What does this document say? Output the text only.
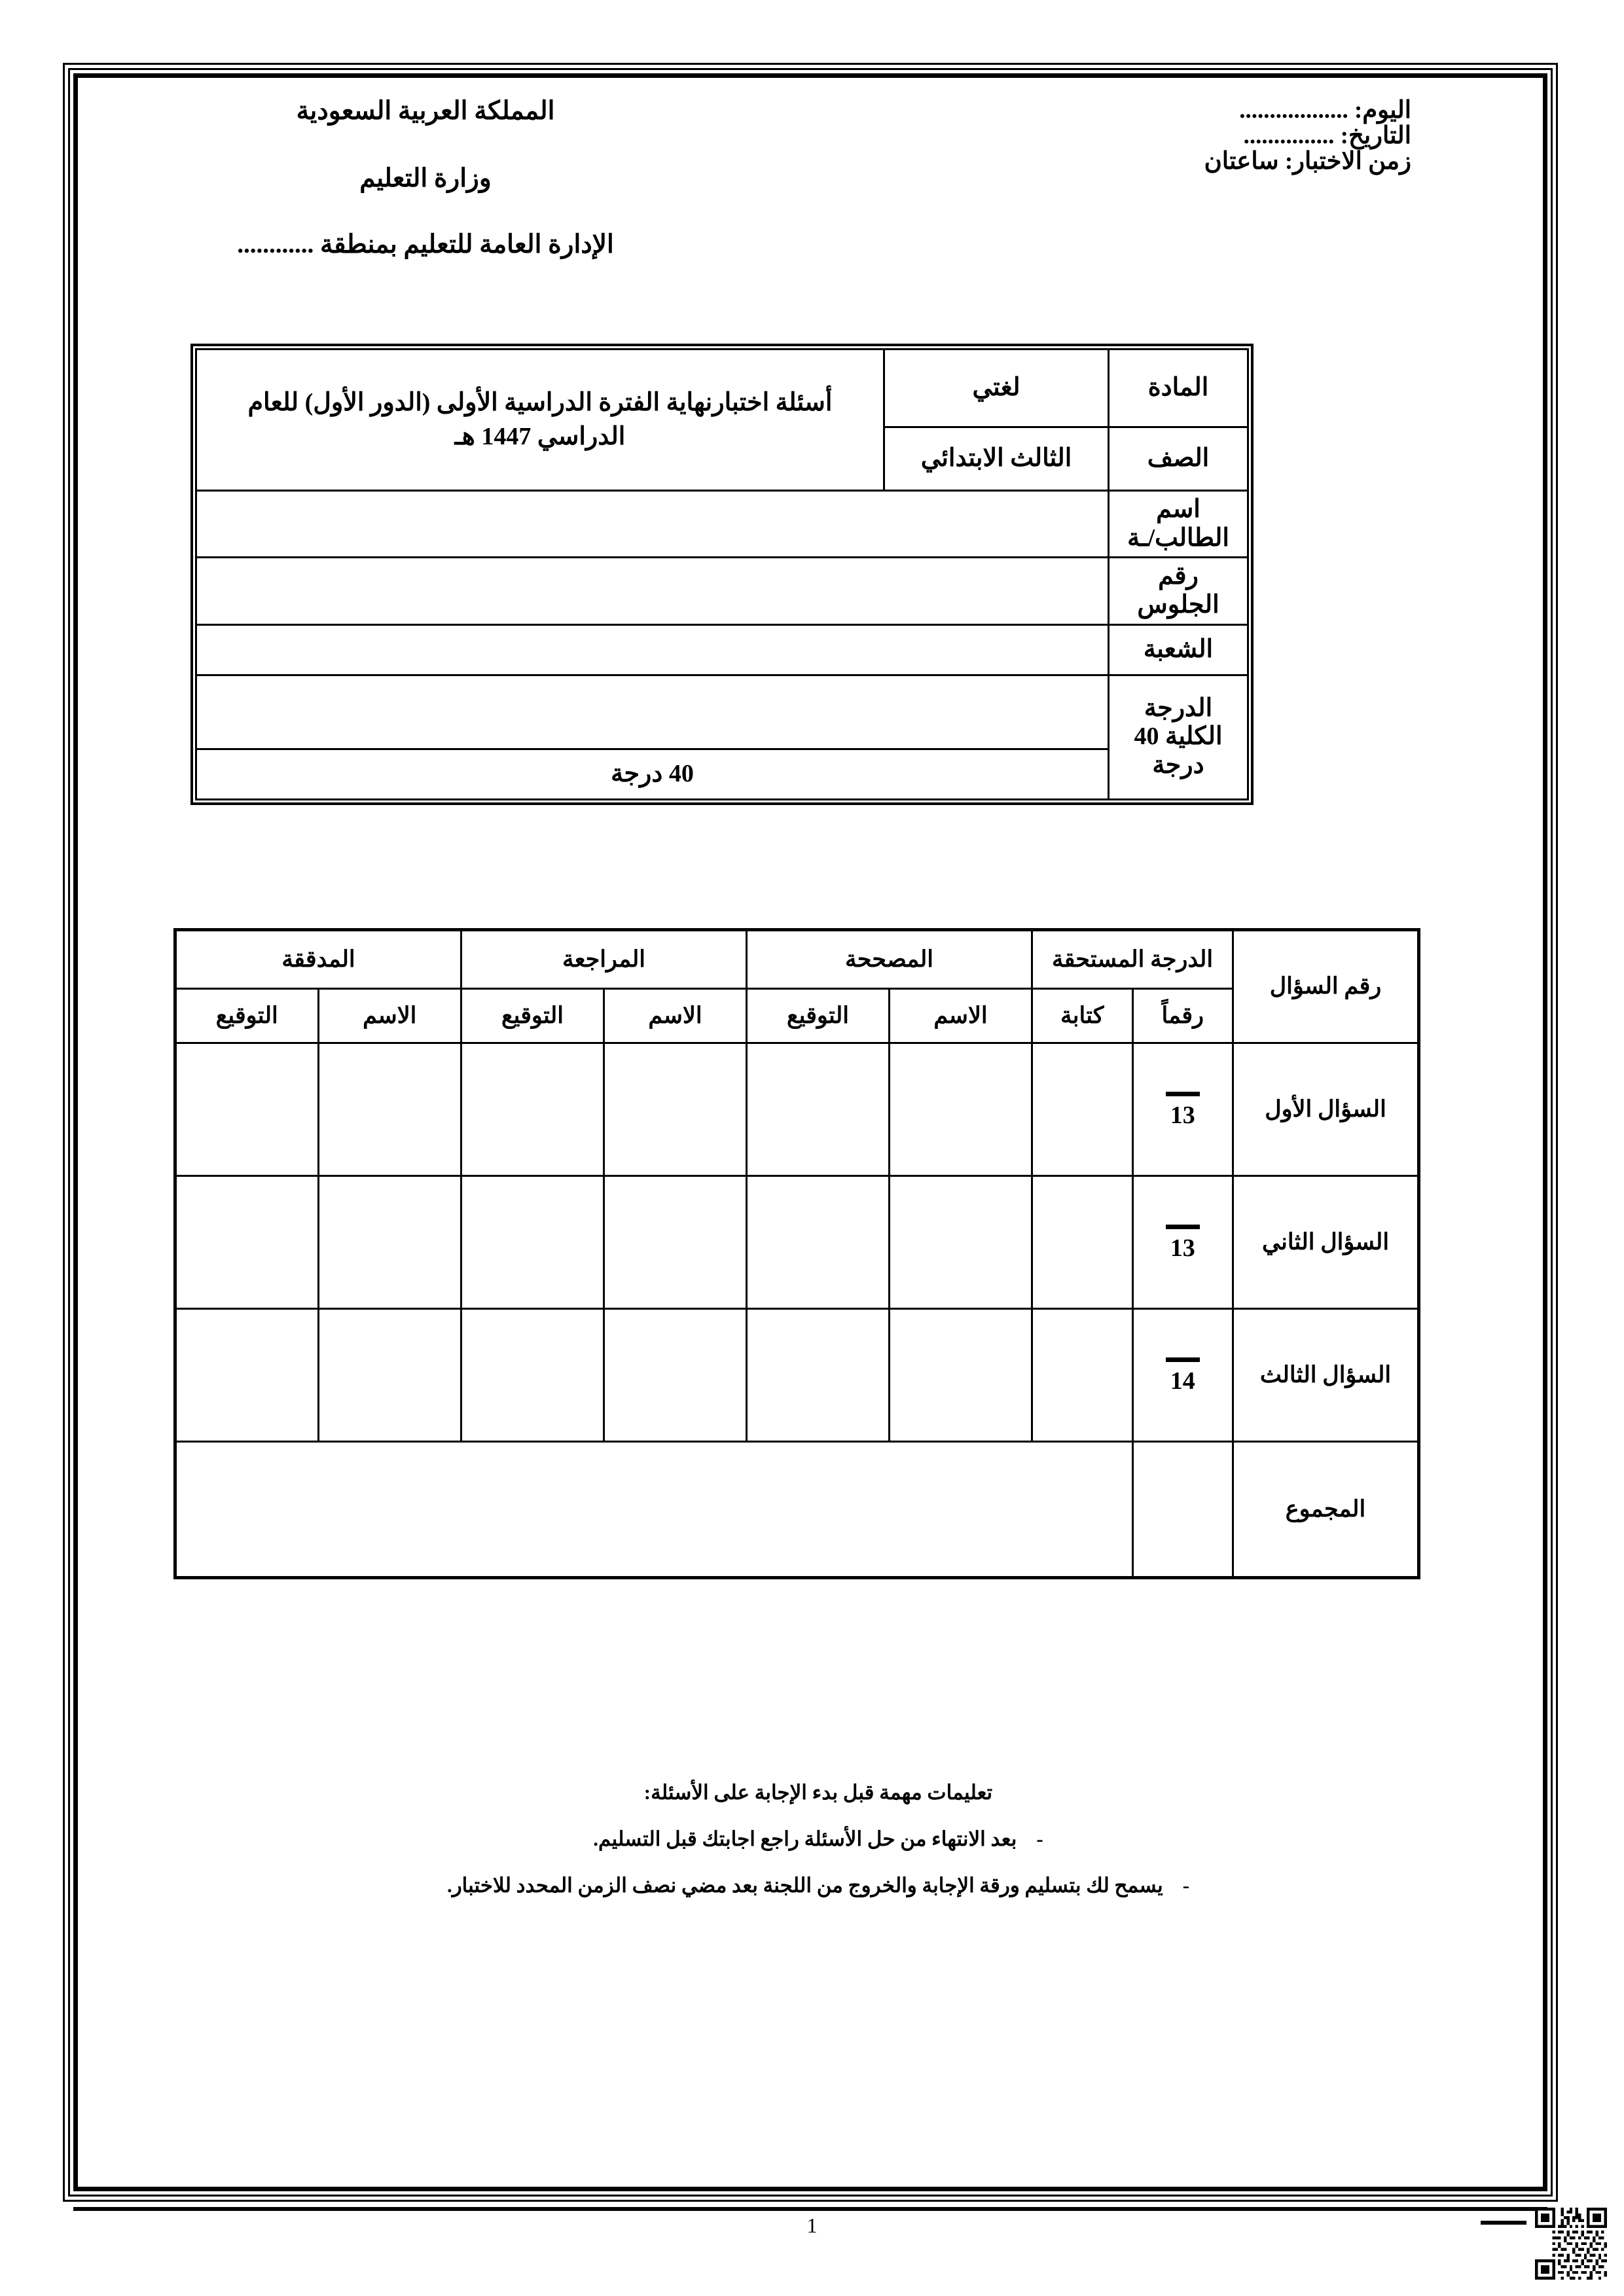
اليوم: ..................
التاريخ: ...............
زمن الاختبار: ساعتان
المملكة العربية السعودية
وزارة التعليم
الإدارة العامة للتعليم بمنطقة ............
المادة	لغتي	أسئلة اختبارنهاية الفترة الدراسية الأولى (الدور الأول) للعام الدراسي 1447 هـ
الصف	الثالث الابتدائي	
اسم الطالب/ـة		
رقم الجلوس		
الشعبة		
الدرجة الكلية 40 درجة		
	40 درجة	
رقم السؤال	الدرجة المستحقة		المصححة		المراجعة		المدققة	
	رقماً	كتابة	الاسم	التوقيع	الاسم	التوقيع	الاسم	التوقيع
السؤال الأول	13							

السؤال الثاني	13							

السؤال الثالث	14							

المجموع								

تعليمات مهمة قبل بدء الإجابة على الأسئلة:

-
بعد الانتهاء من حل الأسئلة راجع اجابتك قبل التسليم.
-
يسمح لك بتسليم ورقة الإجابة والخروج من اللجنة بعد مضي نصف الزمن المحدد للاختبار.
1
